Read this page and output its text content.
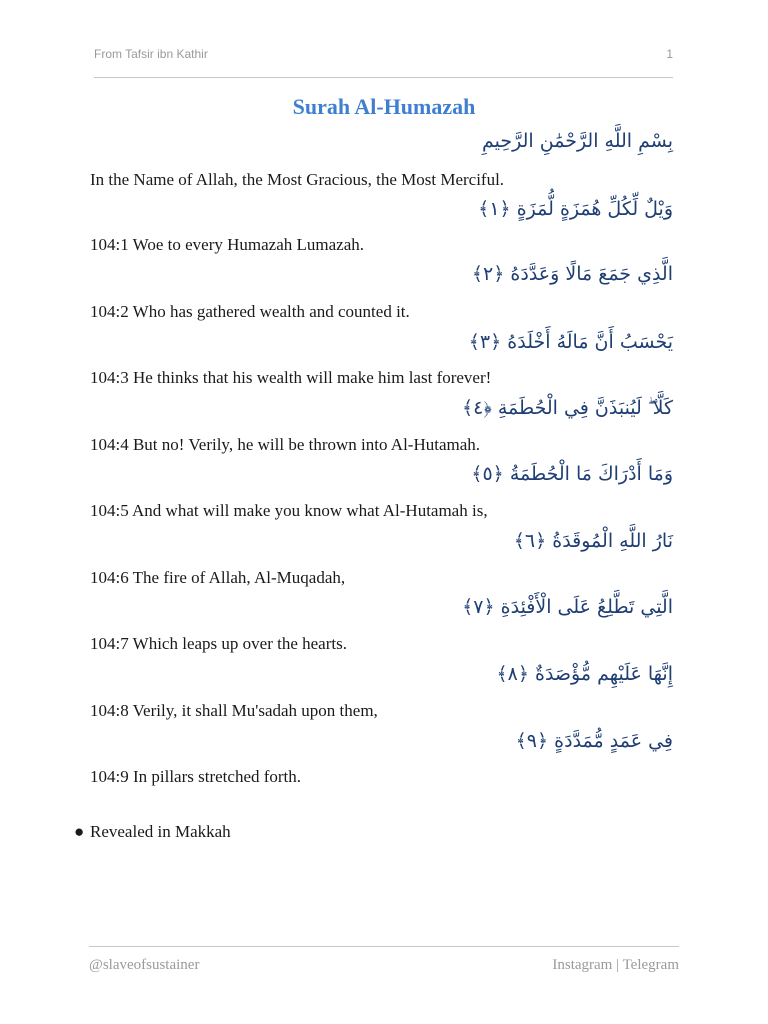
From Tafsir ibn Kathir	1
Surah Al-Humazah
بِسْمِ اللَّهِ الرَّحْمَٰنِ الرَّحِيمِ
In the Name of Allah, the Most Gracious, the Most Merciful.
وَيْلٌ لِّكُلِّ هُمَزَةٍ لُّمَزَةٍ ﴿١﴾
104:1 Woe to every Humazah Lumazah.
الَّذِي جَمَعَ مَالًا وَعَدَّدَهُ ﴿٢﴾
104:2 Who has gathered wealth and counted it.
يَحْسَبُ أَنَّ مَالَهُ أَخْلَدَهُ ﴿٣﴾
104:3 He thinks that his wealth will make him last forever!
كَلَّا ۖ لَيُنبَذَنَّ فِي الْحُطَمَةِ ﴿٤﴾
104:4 But no! Verily, he will be thrown into Al-Hutamah.
وَمَا أَدْرَاكَ مَا الْحُطَمَةُ ﴿٥﴾
104:5 And what will make you know what Al-Hutamah is,
نَارُ اللَّهِ الْمُوقَدَةُ ﴿٦﴾
104:6 The fire of Allah, Al-Muqadah,
الَّتِي تَطَّلِعُ عَلَى الْأَفْئِدَةِ ﴿٧﴾
104:7 Which leaps up over the hearts.
إِنَّهَا عَلَيْهِم مُّؤْصَدَةٌ ﴿٨﴾
104:8 Verily, it shall Mu'sadah upon them,
فِي عَمَدٍ مُّمَدَّدَةٍ ﴿٩﴾
104:9 In pillars stretched forth.
● Revealed in Makkah
@slaveofsustainer	Instagram | Telegram
